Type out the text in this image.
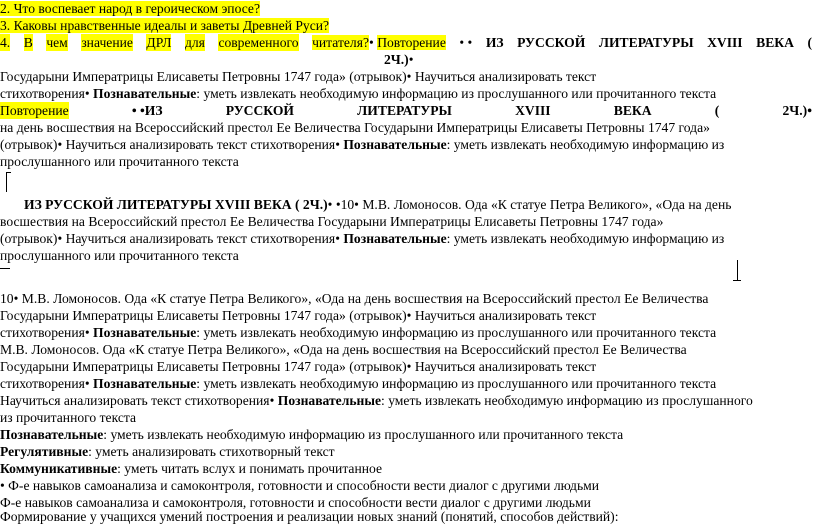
2. Что воспевает народ в героическом эпосе?
3. Каковы нравственные идеалы и заветы Древней Руси?
4. В чем значение ДРЛ для современного читателя?• Повторение • • ИЗ РУССКОЙ ЛИТЕРАТУРЫ XVIII ВЕКА (
2Ч.)•
Государыни Императрицы Елисаветы Петровны 1747 года» (отрывок)• Научиться анализировать текст
стихотворения• Познавательные: уметь извлекать необходимую информацию из прослушанного или прочитанного текста
Повторение	• •ИЗ	РУССКОЙ	ЛИТЕРАТУРЫ	XVIII	ВЕКА	(	2Ч.)•
на день восшествия на Всероссийский престол Ее Величества Государыни Императрицы Елисаветы Петровны 1747 года»
(отрывок)• Научиться анализировать текст стихотворения• Познавательные: уметь извлекать необходимую информацию из
прослушанного или прочитанного текста
ИЗ РУССКОЙ ЛИТЕРАТУРЫ XVIII ВЕКА ( 2Ч.)• •10• М.В. Ломоносов. Ода «К статуе Петра Великого», «Ода на день
восшествия на Всероссийский престол Ее Величества Государыни Императрицы Елисаветы Петровны 1747 года»
(отрывок)• Научиться анализировать текст стихотворения• Познавательные: уметь извлекать необходимую информацию из
прослушанного или прочитанного текста
10• М.В. Ломоносов. Ода «К статуе Петра Великого», «Ода на день восшествия на Всероссийский престол Ее Величества
Государыни Императрицы Елисаветы Петровны 1747 года» (отрывок)• Научиться анализировать текст
стихотворения• Познавательные: уметь извлекать необходимую информацию из прослушанного или прочитанного текста
М.В. Ломоносов. Ода «К статуе Петра Великого», «Ода на день восшествия на Всероссийский престол Ее Величества
Государыни Императрицы Елисаветы Петровны 1747 года» (отрывок)• Научиться анализировать текст
стихотворения• Познавательные: уметь извлекать необходимую информацию из прослушанного или прочитанного текста
Научиться анализировать текст стихотворения• Познавательные: уметь извлекать необходимую информацию из прослушанного
из прочитанного текста
Познавательные: уметь извлекать необходимую информацию из прослушанного или прочитанного текста
Регулятивные: уметь анализировать стихотворный текст
Коммуникативные: уметь читать вслух и понимать прочитанное
• Ф-е навыков самоанализа и самоконтроля, готовности и способности вести диалог с другими людьми
Ф-е навыков самоанализа и самоконтроля, готовности и способности вести диалог с другими людьми
Формирование у учащихся умений построения и реализации новых знаний (понятий, способов действий):
